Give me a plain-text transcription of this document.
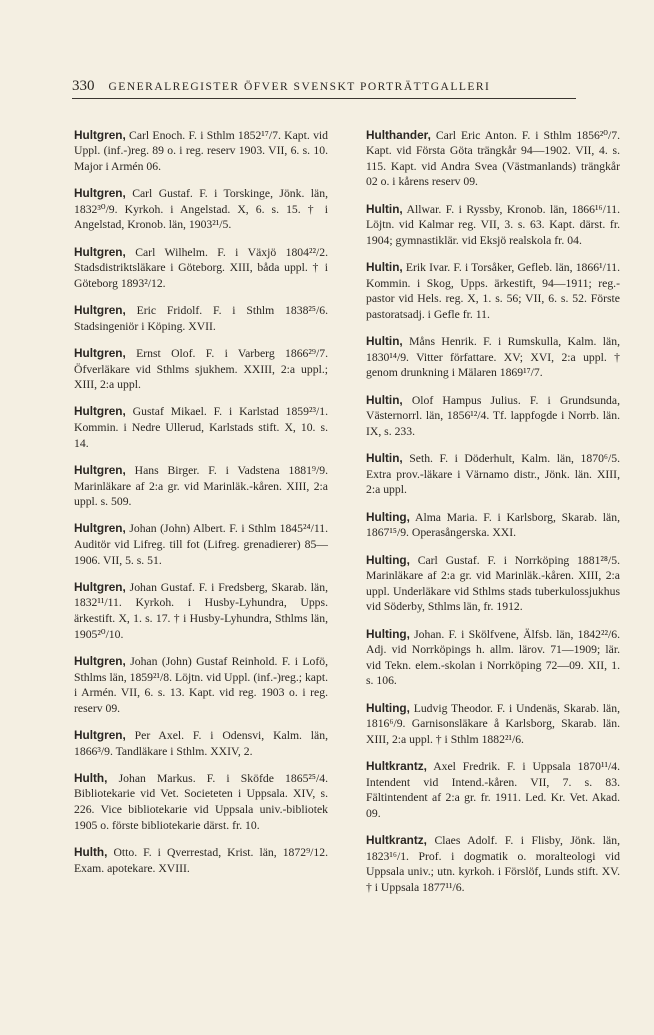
330 GENERALREGISTER ÖFVER SVENSKT PORTRÄTTGALLERI

Hultgren, Carl Enoch. F. i Sthlm 1852¹⁷/7. Kapt. vid Uppl. (inf.-)reg. 89 o. i reg. reserv 1903. VII, 6. s. 10. Major i Armén 06.

Hultgren, Carl Gustaf. F. i Torskinge, Jönk. län, 1832³⁰/9. Kyrkoh. i Angelstad. X, 6. s. 15. † i Angelstad, Kronob. län, 1903²¹/5.

Hultgren, Carl Wilhelm. F. i Växjö 1804²²/2. Stadsdistriktsläkare i Göteborg. XIII, båda uppl. † i Göteborg 1893²/12.

Hultgren, Eric Fridolf. F. i Sthlm 1838²⁵/6. Stadsingeniör i Köping. XVII.

Hultgren, Ernst Olof. F. i Varberg 1866²⁹/7. Öfverläkare vid Sthlms sjukhem. XXIII, 2:a uppl.; XIII, 2:a uppl.

Hultgren, Gustaf Mikael. F. i Karlstad 1859²³/1. Kommin. i Nedre Ullerud, Karlstads stift. X, 10. s. 14.

Hultgren, Hans Birger. F. i Vadstena 1881⁹/9. Marinläkare af 2:a gr. vid Marinläk.-kåren. XIII, 2:a uppl. s. 509.

Hultgren, Johan (John) Albert. F. i Sthlm 1845²⁴/11. Auditör vid Lifreg. till fot (Lifreg. grenadierer) 85—1906. VII, 5. s. 51.

Hultgren, Johan Gustaf. F. i Fredsberg, Skarab. län, 1832¹¹/11. Kyrkoh. i Husby-Lyhundra, Upps. ärkestift. X, 1. s. 17. † i Husby-Lyhundra, Sthlms län, 1905²⁰/10.

Hultgren, Johan (John) Gustaf Reinhold. F. i Lofö, Sthlms län, 1859²¹/8. Löjtn. vid Uppl. (inf.-)reg.; kapt. i Armén. VII, 6. s. 13. Kapt. vid reg. 1903 o. i reg. reserv 09.

Hultgren, Per Axel. F. i Odensvi, Kalm. län, 1866³/9. Tandläkare i Sthlm. XXIV, 2.

Hulth, Johan Markus. F. i Sköfde 1865²⁵/4. Bibliotekarie vid Vet. Societeten i Uppsala. XIV, s. 226. Vice bibliotekarie vid Uppsala univ.-bibliotek 1905 o. förste bibliotekarie därst. fr. 10.

Hulth, Otto. F. i Qverrestad, Krist. län, 1872⁹/12. Exam. apotekare. XVIII.

Hulthander, Carl Eric Anton. F. i Sthlm 1856²⁰/7. Kapt. vid Första Göta trängkår 94—1902. VII, 4. s. 115. Kapt. vid Andra Svea (Västmanlands) trängkår 02 o. i kårens reserv 09.

Hultin, Allwar. F. i Ryssby, Kronob. län, 1866¹⁶/11. Löjtn. vid Kalmar reg. VII, 3. s. 63. Kapt. därst. fr. 1904; gymnastiklär. vid Eksjö realskola fr. 04.

Hultin, Erik Ivar. F. i Torsåker, Gefleb. län, 1866¹/11. Kommin. i Skog, Upps. ärkestift, 94—1911; reg.-pastor vid Hels. reg. X, 1. s. 56; VII, 6. s. 52. Förste pastoratsadj. i Gefle fr. 11.

Hultin, Måns Henrik. F. i Rumskulla, Kalm. län, 1830¹⁴/9. Vitter författare. XV; XVI, 2:a uppl. † genom drunkning i Mälaren 1869¹⁷/7.

Hultin, Olof Hampus Julius. F. i Grundsunda, Västernorrl. län, 1856¹²/4. Tf. lappfogde i Norrb. län. IX, s. 233.

Hultin, Seth. F. i Döderhult, Kalm. län, 1870⁶/5. Extra prov.-läkare i Värnamo distr., Jönk. län. XIII, 2:a uppl.

Hulting, Alma Maria. F. i Karlsborg, Skarab. län, 1867¹⁵/9. Operasångerska. XXI.

Hulting, Carl Gustaf. F. i Norrköping 1881²⁸/5. Marinläkare af 2:a gr. vid Marinläk.-kåren. XIII, 2:a uppl. Underläkare vid Sthlms stads tuberkulossjukhus vid Söderby, Sthlms län, fr. 1912.

Hulting, Johan. F. i Skölfvene, Älfsb. län, 1842²²/6. Adj. vid Norrköpings h. allm. lärov. 71—1909; lär. vid Tekn. elem.-skolan i Norrköping 72—09. XII, 1. s. 106.

Hulting, Ludvig Theodor. F. i Undenäs, Skarab. län, 1816⁶/9. Garnisonsläkare å Karlsborg, Skarab. län. XIII, 2:a uppl. † i Sthlm 1882²¹/6.

Hultkrantz, Axel Fredrik. F. i Uppsala 1870¹¹/4. Intendent vid Intend.-kåren. VII, 7. s. 83. Fältintendent af 2:a gr. fr. 1911. Led. Kr. Vet. Akad. 09.

Hultkrantz, Claes Adolf. F. i Flisby, Jönk. län, 1823¹⁶/1. Prof. i dogmatik o. moralteologi vid Uppsala univ.; utn. kyrkoh. i Förslöf, Lunds stift. XV. † i Uppsala 1877¹¹/6.
